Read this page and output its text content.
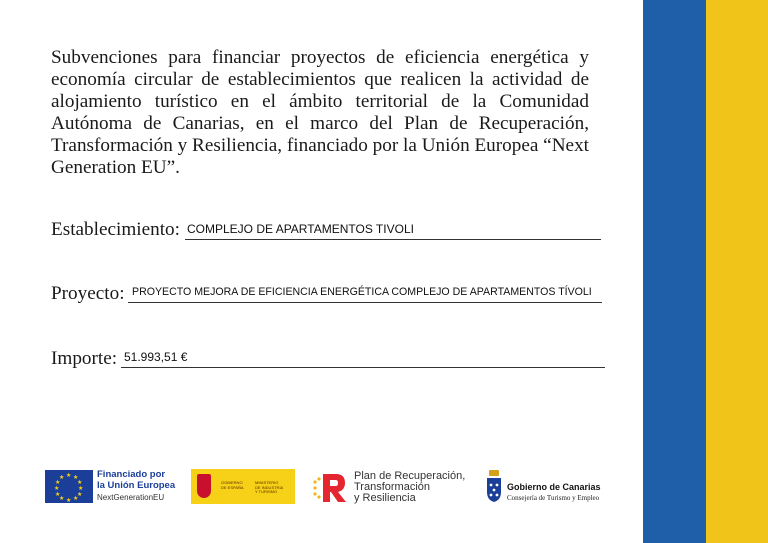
Subvenciones para financiar proyectos de eficiencia energética y economía circular de establecimientos que realicen la actividad de alojamiento turístico en el ámbito territorial de la Comunidad Autónoma de Canarias, en el marco del Plan de Recuperación, Transformación y Resiliencia, financiado por la Unión Europea “Next Generation EU”.

Establecimiento: COMPLEJO DE APARTAMENTOS TIVOLI
Proyecto: PROYECTO MEJORA DE EFICIENCIA ENERGÉTICA COMPLEJO DE APARTAMENTOS TÍVOLI
Importe: 51.993,51 €
★ ★
★
★
★
★
★
★
★
★
★
★	Financiado por
la Unión Europea
NextGenerationEU
GOBIERNO
DE ESPAÑA
MINISTERIO
DE INDUSTRIA
Y TURISMO
Plan de Recuperación,
Transformación
y Resiliencia
Gobierno de Canarias
Consejería de Turismo y Empleo
